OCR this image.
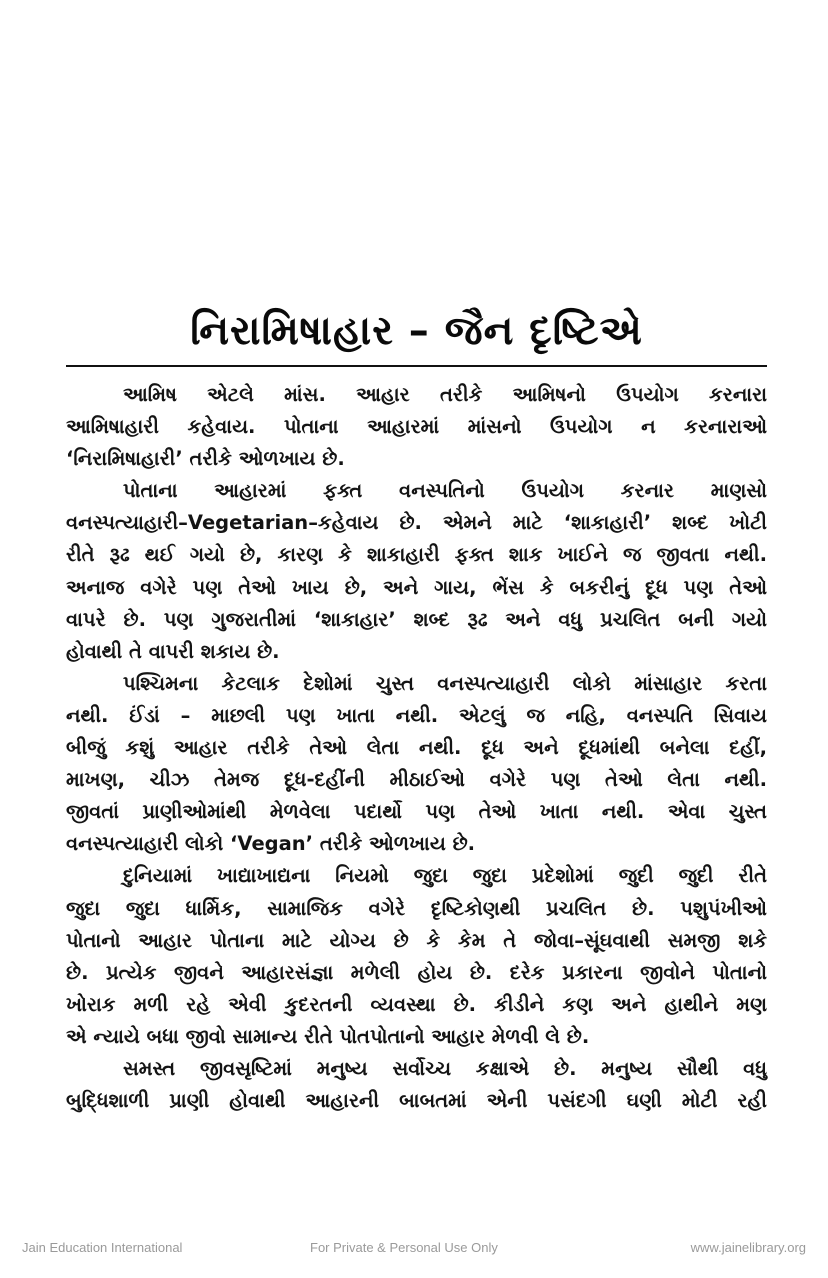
નિરામિષાહાર – જૈન દૃષ્ટિએ
આમિષ એટલે માંસ. આહાર તરીકે આમિષનો ઉપયોગ કરનારા
આમિષાહારી કહેવાય. પોતાના આહારમાં માંસનો ઉપયોગ ન કરનારાઓ
‘નિરામિષાહારી’ તરીકે ઓળખાય છે.
પોતાના આહારમાં ફક્ત વનસ્પતિનો ઉપયોગ કરનાર માણસો
વનસ્પત્યાહારી–Vegetarian–કહેવાય છે. એમને માટે ‘શાકાહારી’ શબ્દ ખોટી
રીતે રૂઢ થઈ ગયો છે, કારણ કે શાકાહારી ફક્ત શાક ખાઈને જ જીવતા નથી.
અનાજ વગેરે પણ તેઓ ખાય છે, અને ગાય, ભેંસ કે બકરીનું દૂધ પણ તેઓ
વાપરે છે. પણ ગુજરાતીમાં ‘શાકાહાર’ શબ્દ રૂઢ અને વધુ પ્રચલિત બની ગયો
હોવાથી તે વાપરી શકાય છે.
પશ્ચિમના કેટલાક દેશોમાં ચુસ્ત વનસ્પત્યાહારી લોકો માંસાહાર કરતા
નથી. ઈંડાં – માછલી પણ ખાતા નથી. એટલું જ નહિ, વનસ્પતિ સિવાય
બીજું કશું આહાર તરીકે તેઓ લેતા નથી. દૂધ અને દૂધમાંથી બનેલા દહીં,
માખણ, ચીઝ તેમજ દૂધ-દહીંની મીઠાઈઓ વગેરે પણ તેઓ લેતા નથી.
જીવતાં પ્રાણીઓમાંથી મેળવેલા પદાર્થો પણ તેઓ ખાતા નથી. એવા ચુસ્ત
વનસ્પત્યાહારી લોકો ‘Vegan’ તરીકે ઓળખાય છે.
દુનિયામાં ખાદ્યાખાદ્યના નિયમો જુદા જુદા પ્રદેશોમાં જુદી જુદી રીતે
જુદા જુદા ધાર્મિક, સામાજિક વગેરે દૃષ્ટિકોણથી પ્રચલિત છે. પશુપંખીઓ
પોતાનો આહાર પોતાના માટે યોગ્ય છે કે કેમ તે જોવા–સૂંઘવાથી સમજી શકે
છે. પ્રત્યેક જીવને આહારસંજ્ઞા મળેલી હોય છે. દરેક પ્રકારના જીવોને પોતાનો
ખોરાક મળી રહે એવી કુદરતની વ્યવસ્થા છે. કીડીને કણ અને હાથીને મણ
એ ન્યાયે બધા જીવો સામાન્ય રીતે પોતપોતાનો આહાર મેળવી લે છે.
સમસ્ત જીવસૃષ્ટિમાં મનુષ્ય સર્વોચ્ચ કક્ષાએ છે. મનુષ્ય સૌથી વધુ
બુદ્ધિશાળી પ્રાણી હોવાથી આહારની બાબતમાં એની પસંદગી ઘણી મોટી રહી
Jain Education International	For Private & Personal Use Only	www.jainelibrary.org
